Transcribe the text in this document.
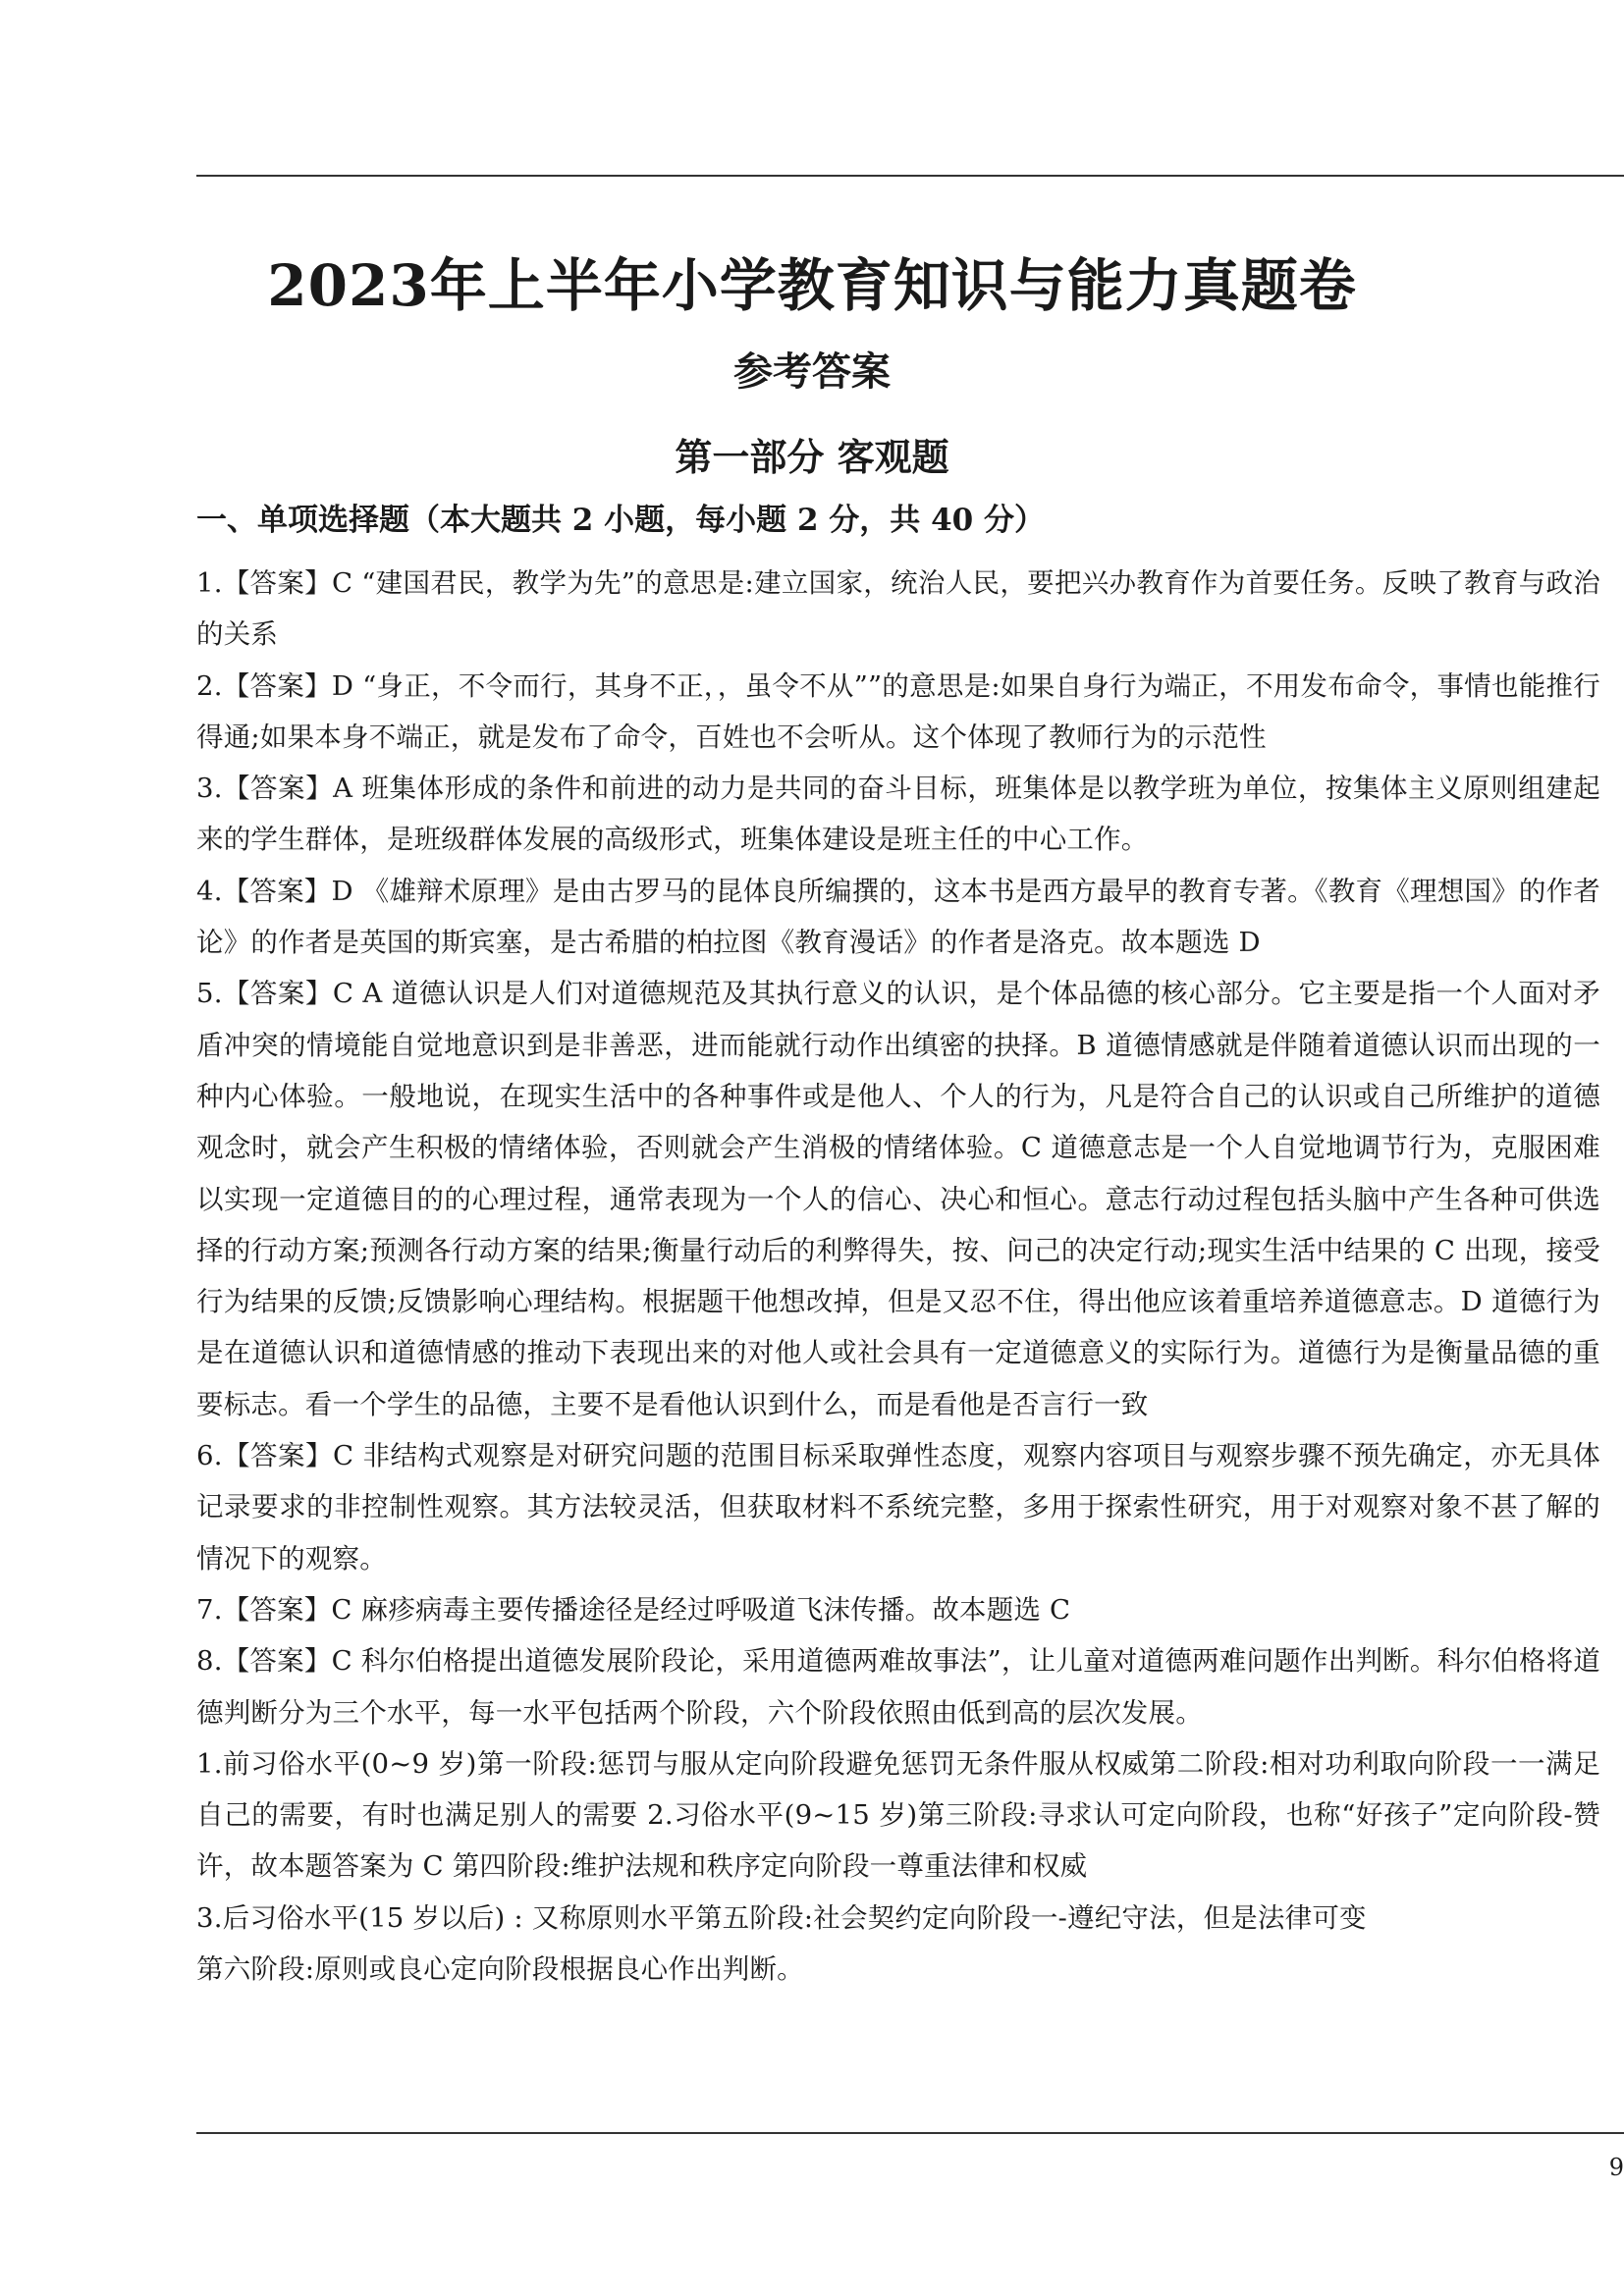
2023年上半年小学教育知识与能力真题卷
参考答案
第一部分 客观题
一、单项选择题（本大题共 2 小题，每小题 2 分，共 40 分）

1.【答案】C “建国君民，教学为先”的意思是:建立国家，统治人民，要把兴办教育作为首要任务。反映了教育与政治的关系

2.【答案】D “身正，不令而行，其身不正，，虽令不从””的意思是:如果自身行为端正，不用发布命令，事情也能推行得通;如果本身不端正，就是发布了命令，百姓也不会听从。这个体现了教师行为的示范性

3.【答案】A 班集体形成的条件和前进的动力是共同的奋斗目标，班集体是以教学班为单位，按集体主义原则组建起来的学生群体，是班级群体发展的高级形式，班集体建设是班主任的中心工作。

4.【答案】D 《雄辩术原理》是由古罗马的昆体良所编撰的，这本书是西方最早的教育专著。《教育《理想国》的作者论》的作者是英国的斯宾塞，是古希腊的柏拉图《教育漫话》的作者是洛克。故本题选 D

5.【答案】C A 道德认识是人们对道德规范及其执行意义的认识，是个体品德的核心部分。它主要是指一个人面对矛盾冲突的情境能自觉地意识到是非善恶，进而能就行动作出缜密的抉择。B 道德情感就是伴随着道德认识而出现的一种内心体验。一般地说，在现实生活中的各种事件或是他人、个人的行为，凡是符合自己的认识或自己所维护的道德观念时，就会产生积极的情绪体验，否则就会产生消极的情绪体验。C 道德意志是一个人自觉地调节行为，克服困难以实现一定道德目的的心理过程，通常表现为一个人的信心、决心和恒心。意志行动过程包括头脑中产生各种可供选择的行动方案;预测各行动方案的结果;衡量行动后的利弊得失，按、问己的决定行动;现实生活中结果的 C 出现，接受行为结果的反馈;反馈影响心理结构。根据题干他想改掉，但是又忍不住，得出他应该着重培养道德意志。D 道德行为是在道德认识和道德情感的推动下表现出来的对他人或社会具有一定道德意义的实际行为。道德行为是衡量品德的重要标志。看一个学生的品德，主要不是看他认识到什么，而是看他是否言行一致

6.【答案】C 非结构式观察是对研究问题的范围目标采取弹性态度，观察内容项目与观察步骤不预先确定，亦无具体记录要求的非控制性观察。其方法较灵活，但获取材料不系统完整，多用于探索性研究，用于对观察对象不甚了解的情况下的观察。

7.【答案】C 麻疹病毒主要传播途径是经过呼吸道飞沫传播。故本题选 C

8.【答案】C 科尔伯格提出道德发展阶段论，采用道德两难故事法”，让儿童对道德两难问题作出判断。科尔伯格将道德判断分为三个水平，每一水平包括两个阶段，六个阶段依照由低到高的层次发展。

1.前习俗水平(0~9 岁)第一阶段:惩罚与服从定向阶段避免惩罚无条件服从权威第二阶段:相对功利取向阶段一一满足自己的需要，有时也满足别人的需要 2.习俗水平(9~15 岁)第三阶段:寻求认可定向阶段，也称“好孩子”定向阶段-赞许，故本题答案为 C 第四阶段:维护法规和秩序定向阶段一尊重法律和权威

3.后习俗水平(15 岁以后) : 又称原则水平第五阶段:社会契约定向阶段一-遵纪守法，但是法律可变

第六阶段:原则或良心定向阶段根据良心作出判断。

9
